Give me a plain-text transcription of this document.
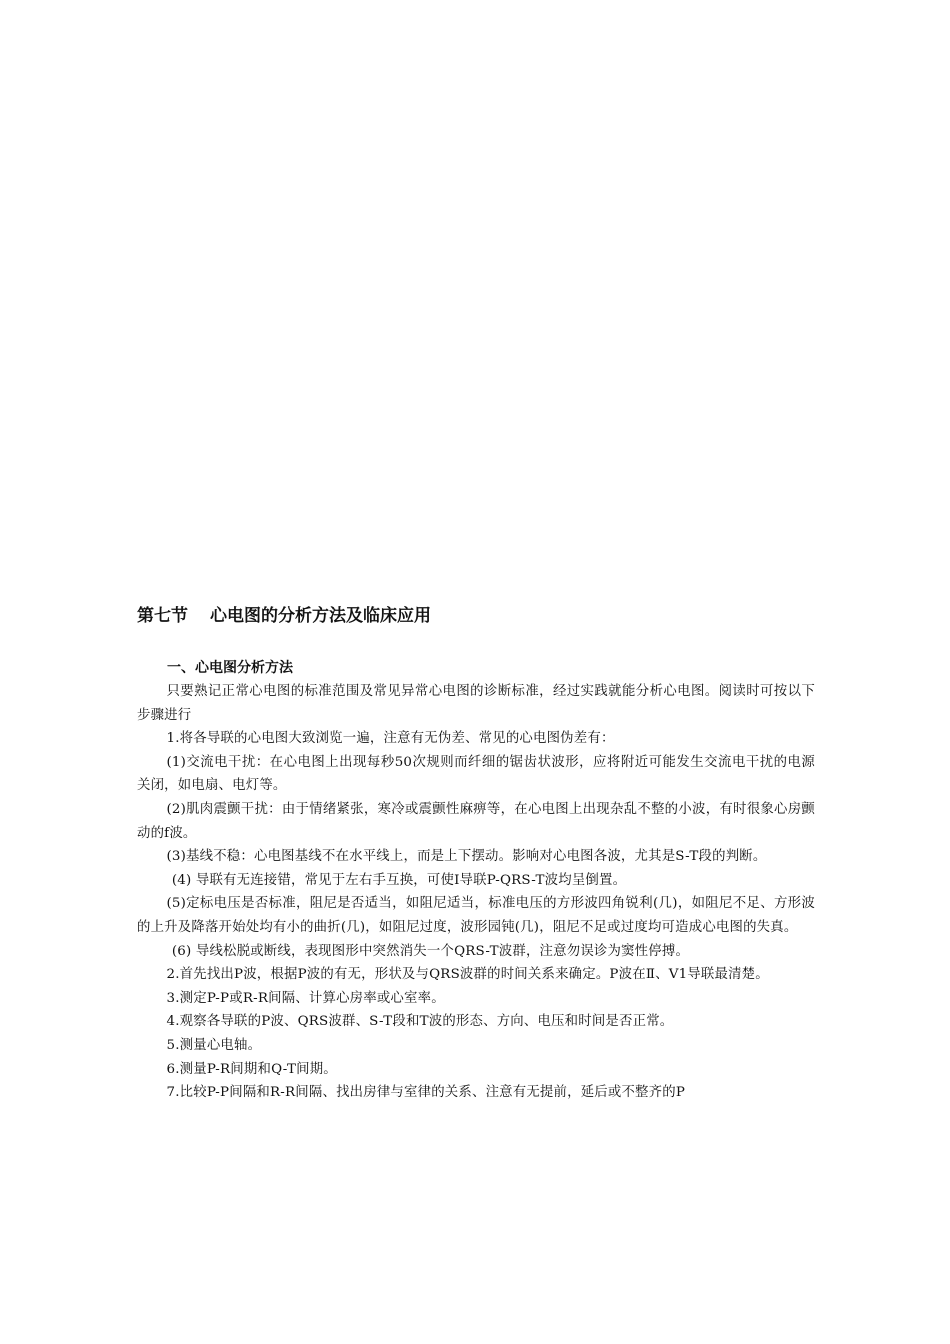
第七节 心电图的分析方法及临床应用
一、心电图分析方法

只要熟记正常心电图的标准范围及常见异常心电图的诊断标准，经过实践就能分析心电图。阅读时可按以下步骤进行

1.将各导联的心电图大致浏览一遍，注意有无伪差、常见的心电图伪差有：

(1)交流电干扰：在心电图上出现每秒50次规则而纤细的锯齿状波形，应将附近可能发生交流电干扰的电源关闭，如电扇、电灯等。

(2)肌肉震颤干扰：由于情绪紧张，寒冷或震颤性麻痹等，在心电图上出现杂乱不整的小波，有时很象心房颤动的f波。

(3)基线不稳：心电图基线不在水平线上，而是上下摆动。影响对心电图各波，尤其是S-T段的判断。

(4) 导联有无连接错，常见于左右手互换，可使Ⅰ导联P-QRS-T波均呈倒置。

(5)定标电压是否标准，阻尼是否适当，如阻尼适当，标准电压的方形波四角锐利(几)，如阻尼不足、方形波的上升及降落开始处均有小的曲折(几)，如阻尼过度，波形园钝(几)，阻尼不足或过度均可造成心电图的失真。

(6) 导线松脱或断线，表现图形中突然消失一个QRS-T波群，注意勿误诊为窦性停搏。

2.首先找出P波，根据P波的有无，形状及与QRS波群的时间关系来确定。P波在Ⅱ、V1导联最清楚。

3.测定P-P或R-R间隔、计算心房率或心室率。

4.观察各导联的P波、QRS波群、S-T段和T波的形态、方向、电压和时间是否正常。

5.测量心电轴。

6.测量P-R间期和Q-T间期。

7.比较P-P间隔和R-R间隔、找出房律与室律的关系、注意有无提前，延后或不整齐的P
